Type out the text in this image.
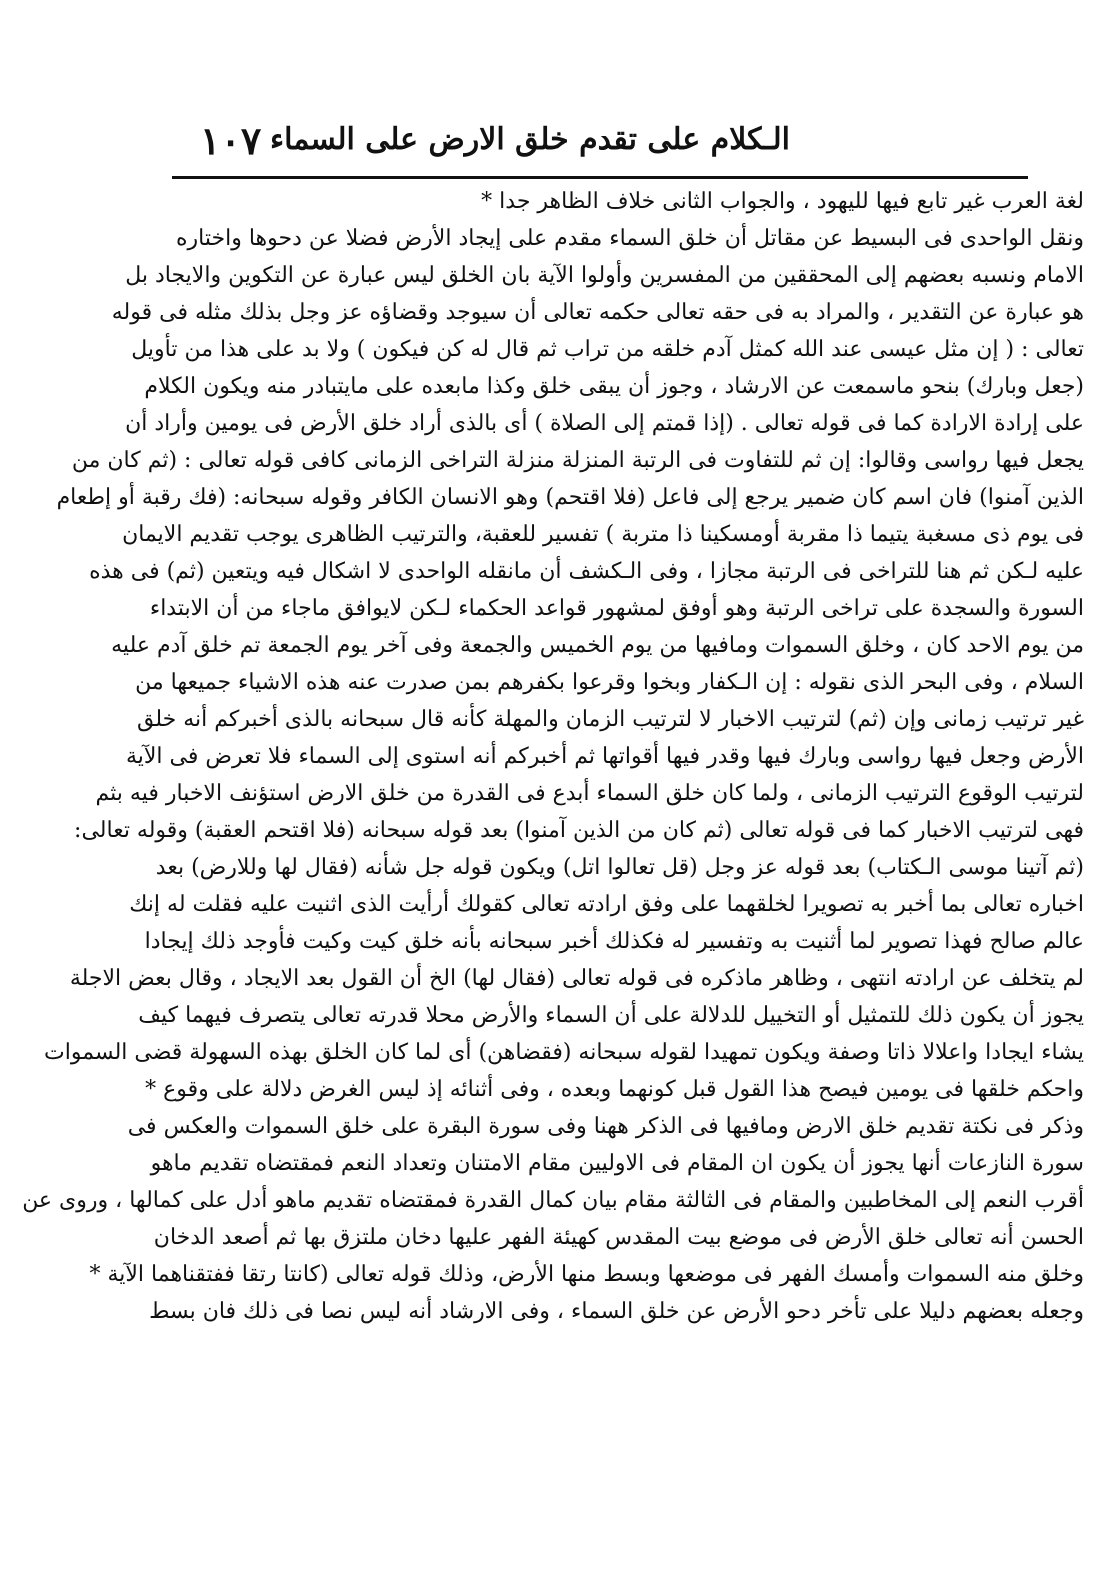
الـكلام على تقدم خلق الارض على السماء
١٠٧
لغة العرب غير تابع فيها لليهود ، والجواب الثانى خلاف الظاهر جدا *
ونقل الواحدى فى البسيط عن مقاتل أن خلق السماء مقدم على إيجاد الأرض فضلا عن دحوها واختاره
الامام ونسبه بعضهم إلى المحققين من المفسرين وأولوا الآية بان الخلق ليس عبارة عن التكوين والايجاد بل
هو عبارة عن التقدير ، والمراد به فى حقه تعالى حكمه تعالى أن سيوجد وقضاؤه عز وجل بذلك مثله فى قوله
تعالى : ( إن مثل عيسى عند الله كمثل آدم خلقه من تراب ثم قال له كن فيكون ) ولا بد على هذا من تأويل
(جعل وبارك) بنحو ماسمعت عن الارشاد ، وجوز أن يبقى خلق وكذا مابعده على مايتبادر منه ويكون الكلام
على إرادة الارادة كما فى قوله تعالى . (إذا قمتم إلى الصلاة ) أى بالذى أراد خلق الأرض فى يومين وأراد أن
يجعل فيها رواسى وقالوا: إن ثم للتفاوت فى الرتبة المنزلة منزلة التراخى الزمانى كافى قوله تعالى : (ثم كان من
الذين آمنوا) فان اسم كان ضمير يرجع إلى فاعل (فلا اقتحم) وهو الانسان الكافر وقوله سبحانه: (فك رقبة أو إطعام
فى يوم ذى مسغبة يتيما ذا مقربة أومسكينا ذا متربة ) تفسير للعقبة، والترتيب الظاهرى يوجب تقديم الايمان
عليه لـكن ثم هنا للتراخى فى الرتبة مجازا ، وفى الـكشف أن مانقله الواحدى لا اشكال فيه ويتعين (ثم) فى هذه
السورة والسجدة على تراخى الرتبة وهو أوفق لمشهور قواعد الحكماء لـكن لايوافق ماجاء من أن الابتداء
من يوم الاحد كان ، وخلق السموات ومافيها من يوم الخميس والجمعة وفى آخر يوم الجمعة تم خلق آدم عليه
السلام ، وفى البحر الذى نقوله : إن الـكفار وبخوا وقرعوا بكفرهم بمن صدرت عنه هذه الاشياء جميعها من
غير ترتيب زمانى وإن (ثم) لترتيب الاخبار لا لترتيب الزمان والمهلة كأنه قال سبحانه بالذى أخبركم أنه خلق
الأرض وجعل فيها رواسى وبارك فيها وقدر فيها أقواتها ثم أخبركم أنه استوى إلى السماء فلا تعرض فى الآية
لترتيب الوقوع الترتيب الزمانى ، ولما كان خلق السماء أبدع فى القدرة من خلق الارض استؤنف الاخبار فيه بثم
فهى لترتيب الاخبار كما فى قوله تعالى (ثم كان من الذين آمنوا) بعد قوله سبحانه (فلا اقتحم العقبة) وقوله تعالى:
(ثم آتينا موسى الـكتاب) بعد قوله عز وجل (قل تعالوا اتل) ويكون قوله جل شأنه (فقال لها وللارض) بعد
اخباره تعالى بما أخبر به تصويرا لخلقهما على وفق ارادته تعالى كقولك أرأيت الذى اثنيت عليه فقلت له إنك
عالم صالح فهذا تصوير لما أثنيت به وتفسير له فكذلك أخبر سبحانه بأنه خلق كيت وكيت فأوجد ذلك إيجادا
لم يتخلف عن ارادته انتهى ، وظاهر ماذكره فى قوله تعالى (فقال لها) الخ أن القول بعد الايجاد ، وقال بعض الاجلة
يجوز أن يكون ذلك للتمثيل أو التخييل للدلالة على أن السماء والأرض محلا قدرته تعالى يتصرف فيهما كيف
يشاء ايجادا واعلالا ذاتا وصفة ويكون تمهيدا لقوله سبحانه (فقضاهن) أى لما كان الخلق بهذه السهولة قضى السموات
واحكم خلقها فى يومين فيصح هذا القول قبل كونهما وبعده ، وفى أثنائه إذ ليس الغرض دلالة على وقوع *
وذكر فى نكتة تقديم خلق الارض ومافيها فى الذكر ههنا وفى سورة البقرة على خلق السموات والعكس فى
سورة النازعات أنها يجوز أن يكون ان المقام فى الاوليين مقام الامتنان وتعداد النعم فمقتضاه تقديم ماهو
أقرب النعم إلى المخاطبين والمقام فى الثالثة مقام بيان كمال القدرة فمقتضاه تقديم ماهو أدل على كمالها ، وروى عن
الحسن أنه تعالى خلق الأرض فى موضع بيت المقدس كهيئة الفهر عليها دخان ملتزق بها ثم أصعد الدخان
وخلق منه السموات وأمسك الفهر فى موضعها وبسط منها الأرض، وذلك قوله تعالى (كانتا رتقا ففتقناهما الآية *
وجعله بعضهم دليلا على تأخر دحو الأرض عن خلق السماء ، وفى الارشاد أنه ليس نصا فى ذلك فان بسط
